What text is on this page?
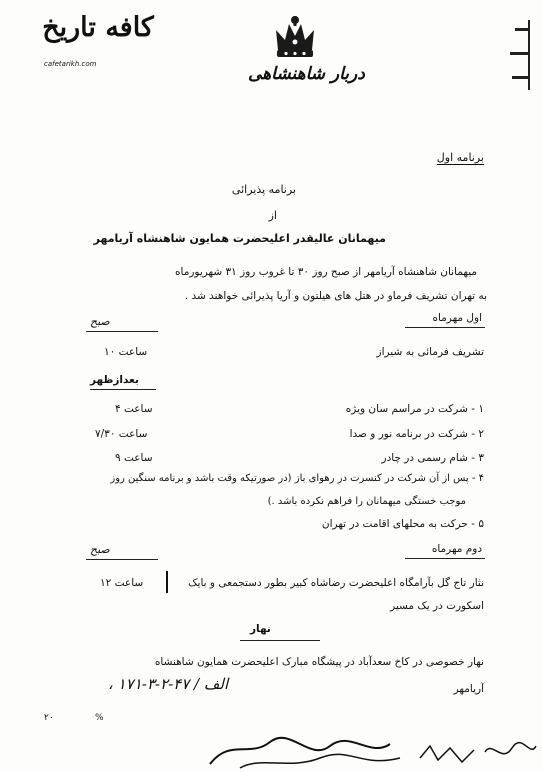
کافه تاریخ
cafetarikh.com	دربار شاهنشاهی
برنامه اول
برنامه پذیرائی
از
میهمانان عالیقدر اعلیحضرت همایون شاهنشاه آریامهر
میهمانان شاهنشاه آریامهر از صبح روز ۳۰ تا غروب روز ۳۱ شهریورماه
به تهران تشریف فرماو در هتل های هیلتون و آریا پذیرائی خواهند شد .
اول مهرماه
صبح
تشریف فرمائی به شیراز
ساعت ۱۰
بعدازظهر
۱ - شرکت در مراسم سان ویژه
ساعت ۴
۲ - شرکت در برنامه نور و صدا
ساعت ۷/۳۰
۳ - شام رسمی در چادر
ساعت ۹
۴ - پس از آن شرکت در کنسرت در رهوای باز (در صورتیکه وقت باشد و برنامه سنگین روز
موجب خستگی میهمانان را فراهم نکرده باشد .)
۵ - حرکت به محلهای اقامت در تهران
دوم مهرماه
صبح
نثار تاج گل بآرامگاه اعلیحضرت رضاشاه کبیر بطور دستجمعی و بایک
اسکورت در یک مسیر
ساعت ۱۲
نهار
نهار خصوصی در کاخ سعدآباد در پیشگاه مبارک اعلیحضرت همایون شاهنشاه
آریامهر
الف / ۴۷-۲-۳-۱۷۱ ،
۲۰	%
